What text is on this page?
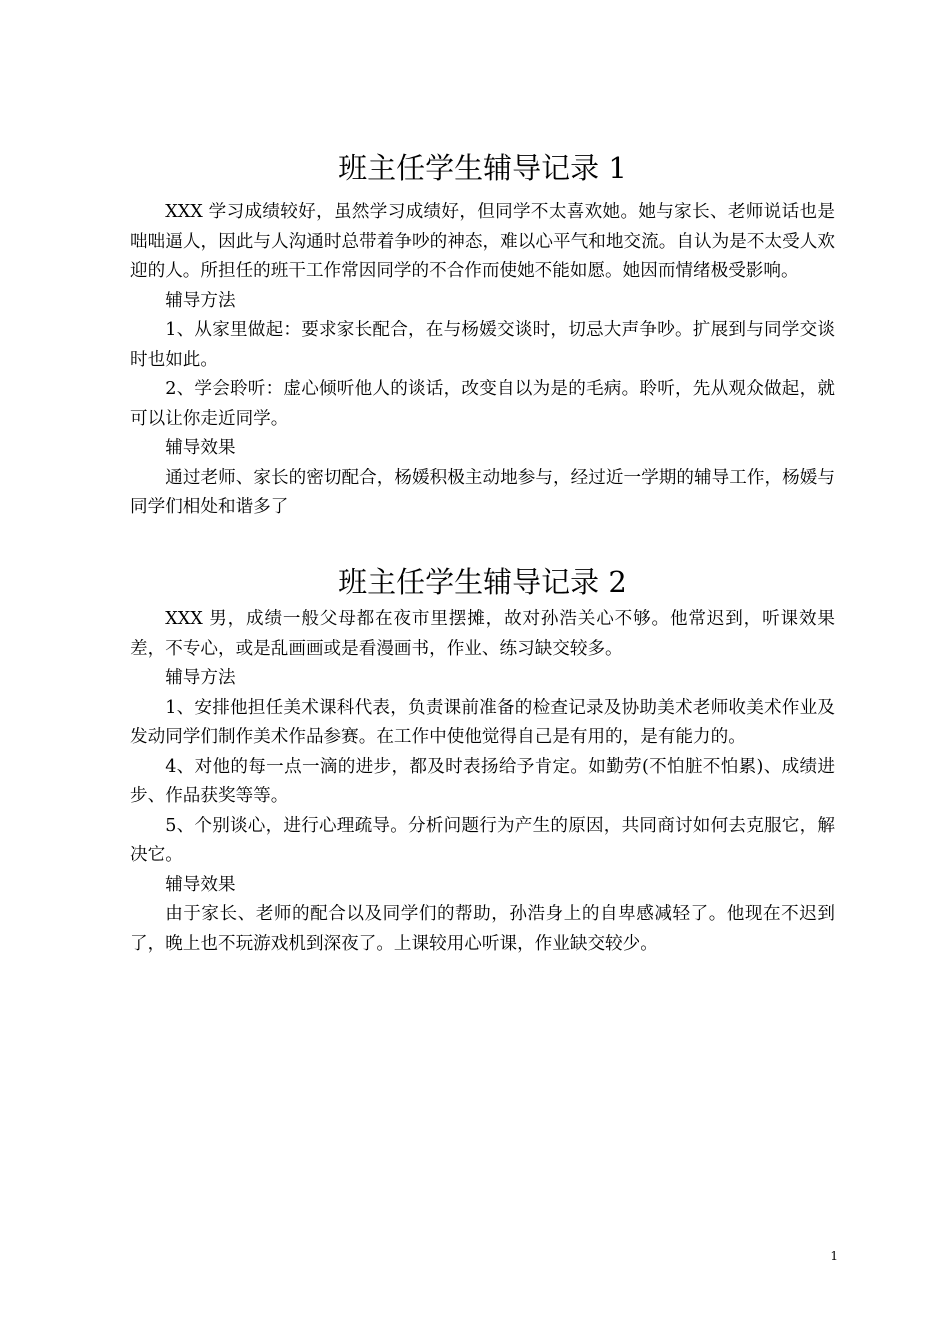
班主任学生辅导记录 1

XXX 学习成绩较好，虽然学习成绩好，但同学不太喜欢她。她与家长、老师说话也是咄咄逼人，因此与人沟通时总带着争吵的神态，难以心平气和地交流。自认为是不太受人欢迎的人。所担任的班干工作常因同学的不合作而使她不能如愿。她因而情绪极受影响。

辅导方法

1、从家里做起：要求家长配合，在与杨媛交谈时，切忌大声争吵。扩展到与同学交谈时也如此。

2、学会聆听：虚心倾听他人的谈话，改变自以为是的毛病。聆听，先从观众做起，就可以让你走近同学。

辅导效果

通过老师、家长的密切配合，杨媛积极主动地参与，经过近一学期的辅导工作，杨媛与同学们相处和谐多了

班主任学生辅导记录 2

XXX 男，成绩一般父母都在夜市里摆摊，故对孙浩关心不够。他常迟到，听课效果差，不专心，或是乱画画或是看漫画书，作业、练习缺交较多。

辅导方法

1、安排他担任美术课科代表，负责课前准备的检查记录及协助美术老师收美术作业及发动同学们制作美术作品参赛。在工作中使他觉得自己是有用的，是有能力的。

4、对他的每一点一滴的进步，都及时表扬给予肯定。如勤劳(不怕脏不怕累)、成绩进步、作品获奖等等。

5、个别谈心，进行心理疏导。分析问题行为产生的原因，共同商讨如何去克服它，解决它。

辅导效果

由于家长、老师的配合以及同学们的帮助，孙浩身上的自卑感减轻了。他现在不迟到了，晚上也不玩游戏机到深夜了。上课较用心听课，作业缺交较少。

1
